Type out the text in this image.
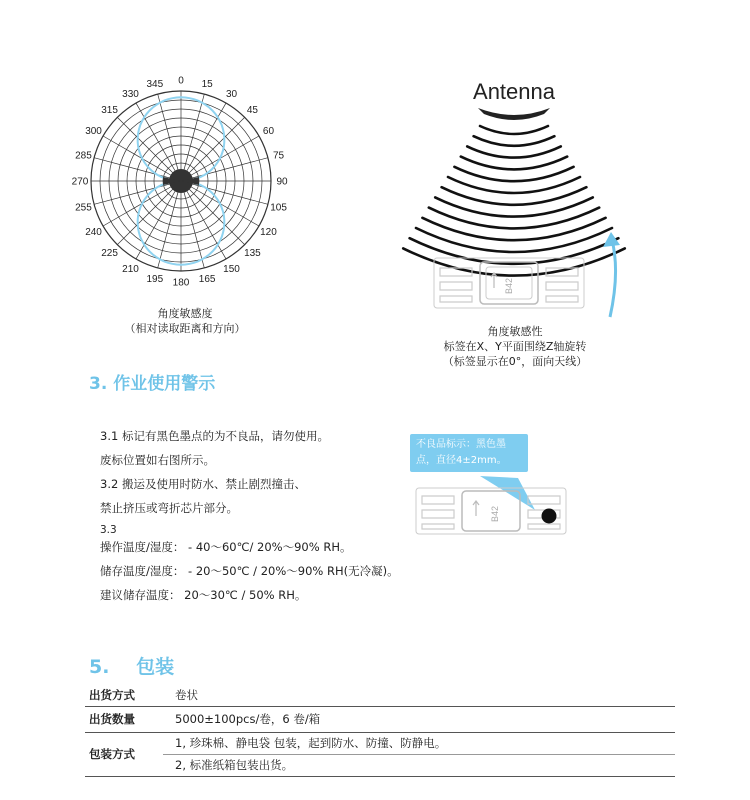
0 15
30
45
60
75
90
105
120
135
150
165
180
195
210
225
240
255
270
285
300
315
330
345
角度敏感度
（相对读取距离和方向）
Antenna
B42
角度敏感性
标签在X、Y平面围绕Z轴旋转
（标签显示在0°，面向天线）
3. 作业使用警示
3.1 标记有黑色墨点的为不良品，请勿使用。
废标位置如右图所示。
3.2 搬运及使用时防水、禁止剧烈撞击、
禁止挤压或弯折芯片部分。
3.3
操作温度/湿度： - 40～60℃/ 20%～90% RH。
储存温度/湿度： - 20～50℃ / 20%～90% RH(无冷凝)。
建议储存温度： 20～30℃ / 50% RH。
不良品标示：黑色墨
点，直径4±2mm。
B42
5. 包装
出货方式	卷状
出货数量	5000±100pcs/卷，6 卷/箱
包装方式	1, 珍珠棉、静电袋 包装，起到防水、防撞、防静电。
	2, 标准纸箱包装出货。
